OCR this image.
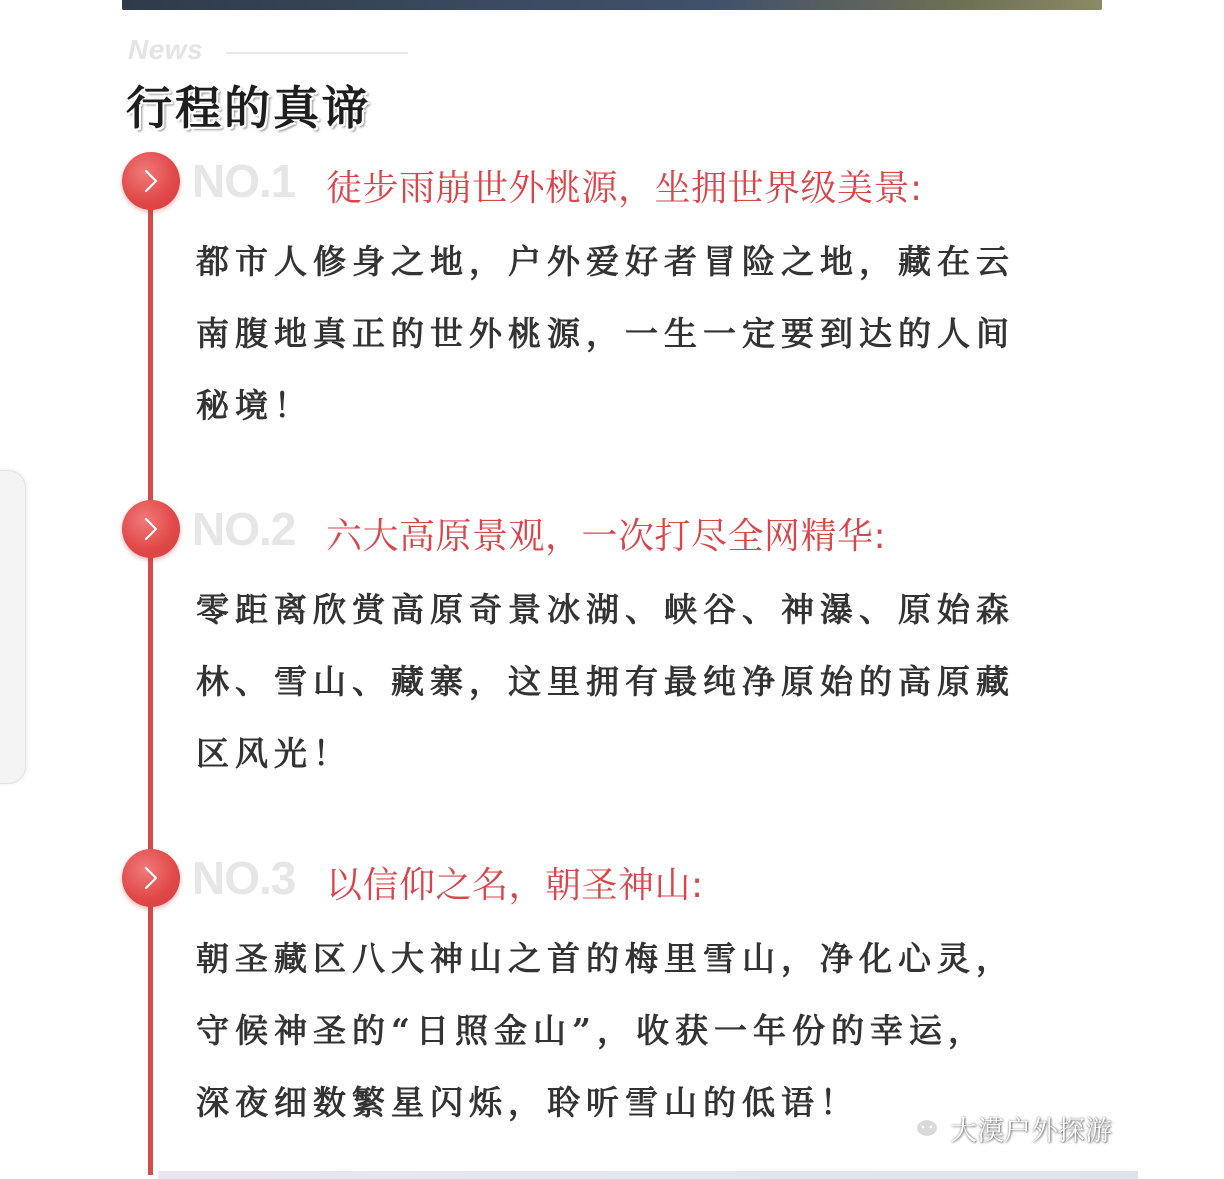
News
行程的真谛
NO.1 徒步雨崩世外桃源，坐拥世界级美景:
都市人修身之地，户外爱好者冒险之地，藏在云
南腹地真正的世外桃源，一生一定要到达的人间
秘境！
NO.2 六大高原景观，一次打尽全网精华:
零距离欣赏高原奇景冰湖、峡谷、神瀑、原始森
林、雪山、藏寨，这里拥有最纯净原始的高原藏
区风光！
NO.3 以信仰之名，朝圣神山:
朝圣藏区八大神山之首的梅里雪山，净化心灵，
守候神圣的“日照金山”，收获一年份的幸运，
深夜细数繁星闪烁，聆听雪山的低语！
大漠户外探游
